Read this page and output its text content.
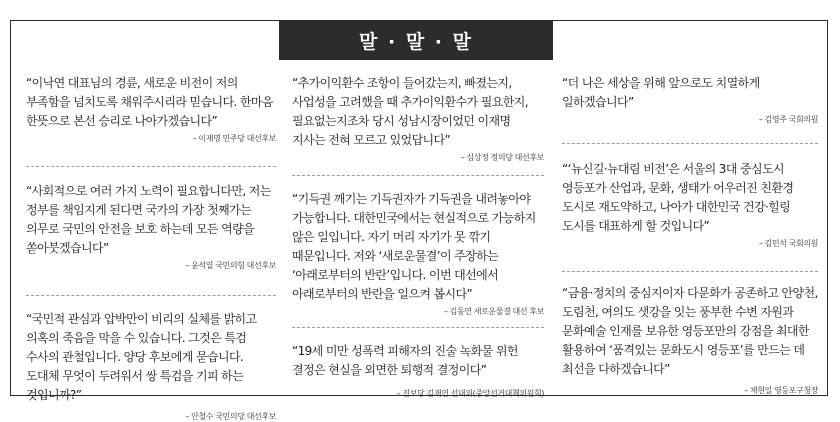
말 · 말 · 말

“이낙연 대표님의 경륜, 새로운 비전이 저의 부족함을 넘치도록 채워주시리라 믿습니다. 한마음 한뜻으로 본선 승리로 나아가겠습니다”

– 이재명 민주당 대선후보

“사회적으로 여러 가지 노력이 필요합니다만, 저는 정부를 책임지게 된다면 국가의 가장 첫째가는 의무로 국민의 안전을 보호 하는데 모든 역량을 쏟아붓겠습니다”

– 윤석열 국민의힘 대선후보

“국민적 관심과 압박만이 비리의 실체를 밝히고 의혹의 죽음을 막을 수 있습니다. 그것은 특검 수사의 관철입니다. 양당 후보에게 묻습니다. 도대체 무엇이 두려워서 쌍 특검을 기피 하는 것입니까?”

– 안철수 국민의당 대선후보

“추가이익환수 조항이 들어갔는지, 빠졌는지, 사업성을 고려했을 때 추가이익환수가 필요한지, 필요없는지조차 당시 성남시장이었던 이재명 지사는 전혀 모르고 있었답니다”

– 심상정 정의당 대선후보

“기득권 깨기는 기득권자가 기득권을 내려놓아야 가능합니다. 대한민국에서는 현실적으로 가능하지 않은 일입니다. 자기 머리 자기가 못 깎기 때문입니다. 저와 ‘새로운물결’이 주장하는 ‘아래로부터의 반란’입니다. 이번 대선에서 아래로부터의 반란을 일으켜 봅시다”

– 김동연 새로운물결 대선 후보

“19세 미만 성폭력 피해자의 진술 녹화물 위헌 결정은 현실을 외면한 퇴행적 결정이다”

– 진보당 김재연 선대위(중앙선거대책위원회)

“더 나은 세상을 위해 앞으로도 치열하게 일하겠습니다”

– 김영주 국회의원

“‘뉴신길·뉴대림 비전’은 서울의 3대 중심도시 영등포가 산업과, 문화, 생태가 어우러진 친환경 도시로 재도약하고, 나아가 대한민국 건강·힐링 도시를 대표하게 할 것입니다”

– 김민석 국회의원

“금융·정치의 중심지이자 다문화가 공존하고 안양천, 도림천, 여의도 샛강을 잇는 풍부한 수변 자원과 문화예술 인재를 보유한 영등포만의 강점을 최대한 활용하여 ‘품격있는 문화도시 영등포’를 만드는 데 최선을 다하겠습니다”

– 채현일 영등포구청장
